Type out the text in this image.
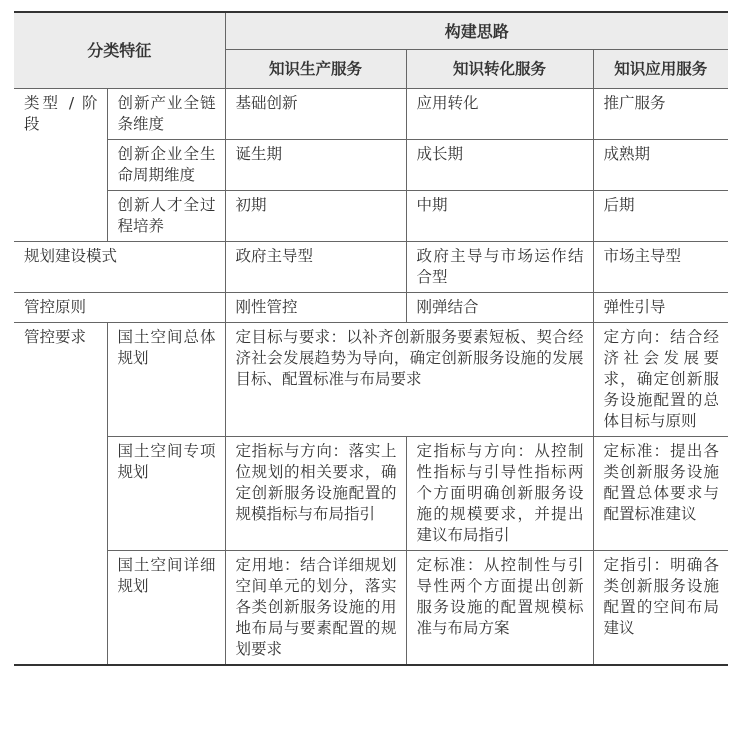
分类特征		构建思路		
		知识生产服务	知识转化服务	知识应用服务
类型 / 阶段	创新产业全链条维度	基础创新	应用转化	推广服务
	创新企业全生命周期维度	诞生期	成长期	成熟期
	创新人才全过程培养	初期	中期	后期
规划建设模式		政府主导型	政府主导与市场运作结合型	市场主导型
管控原则		刚性管控	刚弹结合	弹性引导
管控要求	国土空间总体规划	定目标与要求：以补齐创新服务要素短板、契合经济社会发展趋势为导向，确定创新服务设施的发展目标、配置标准与布局要求		定方向：结合经济社会发展要求，确定创新服务设施配置的总体目标与原则
	国土空间专项规划	定指标与方向：落实上位规划的相关要求，确定创新服务设施配置的规模指标与布局指引	定指标与方向：从控制性指标与引导性指标两个方面明确创新服务设施的规模要求，并提出建议布局指引	定标准：提出各类创新服务设施配置总体要求与配置标准建议
	国土空间详细规划	定用地：结合详细规划空间单元的划分，落实各类创新服务设施的用地布局与要素配置的规划要求	定标准：从控制性与引导性两个方面提出创新服务设施的配置规模标准与布局方案	定指引：明确各类创新服务设施配置的空间布局建议
